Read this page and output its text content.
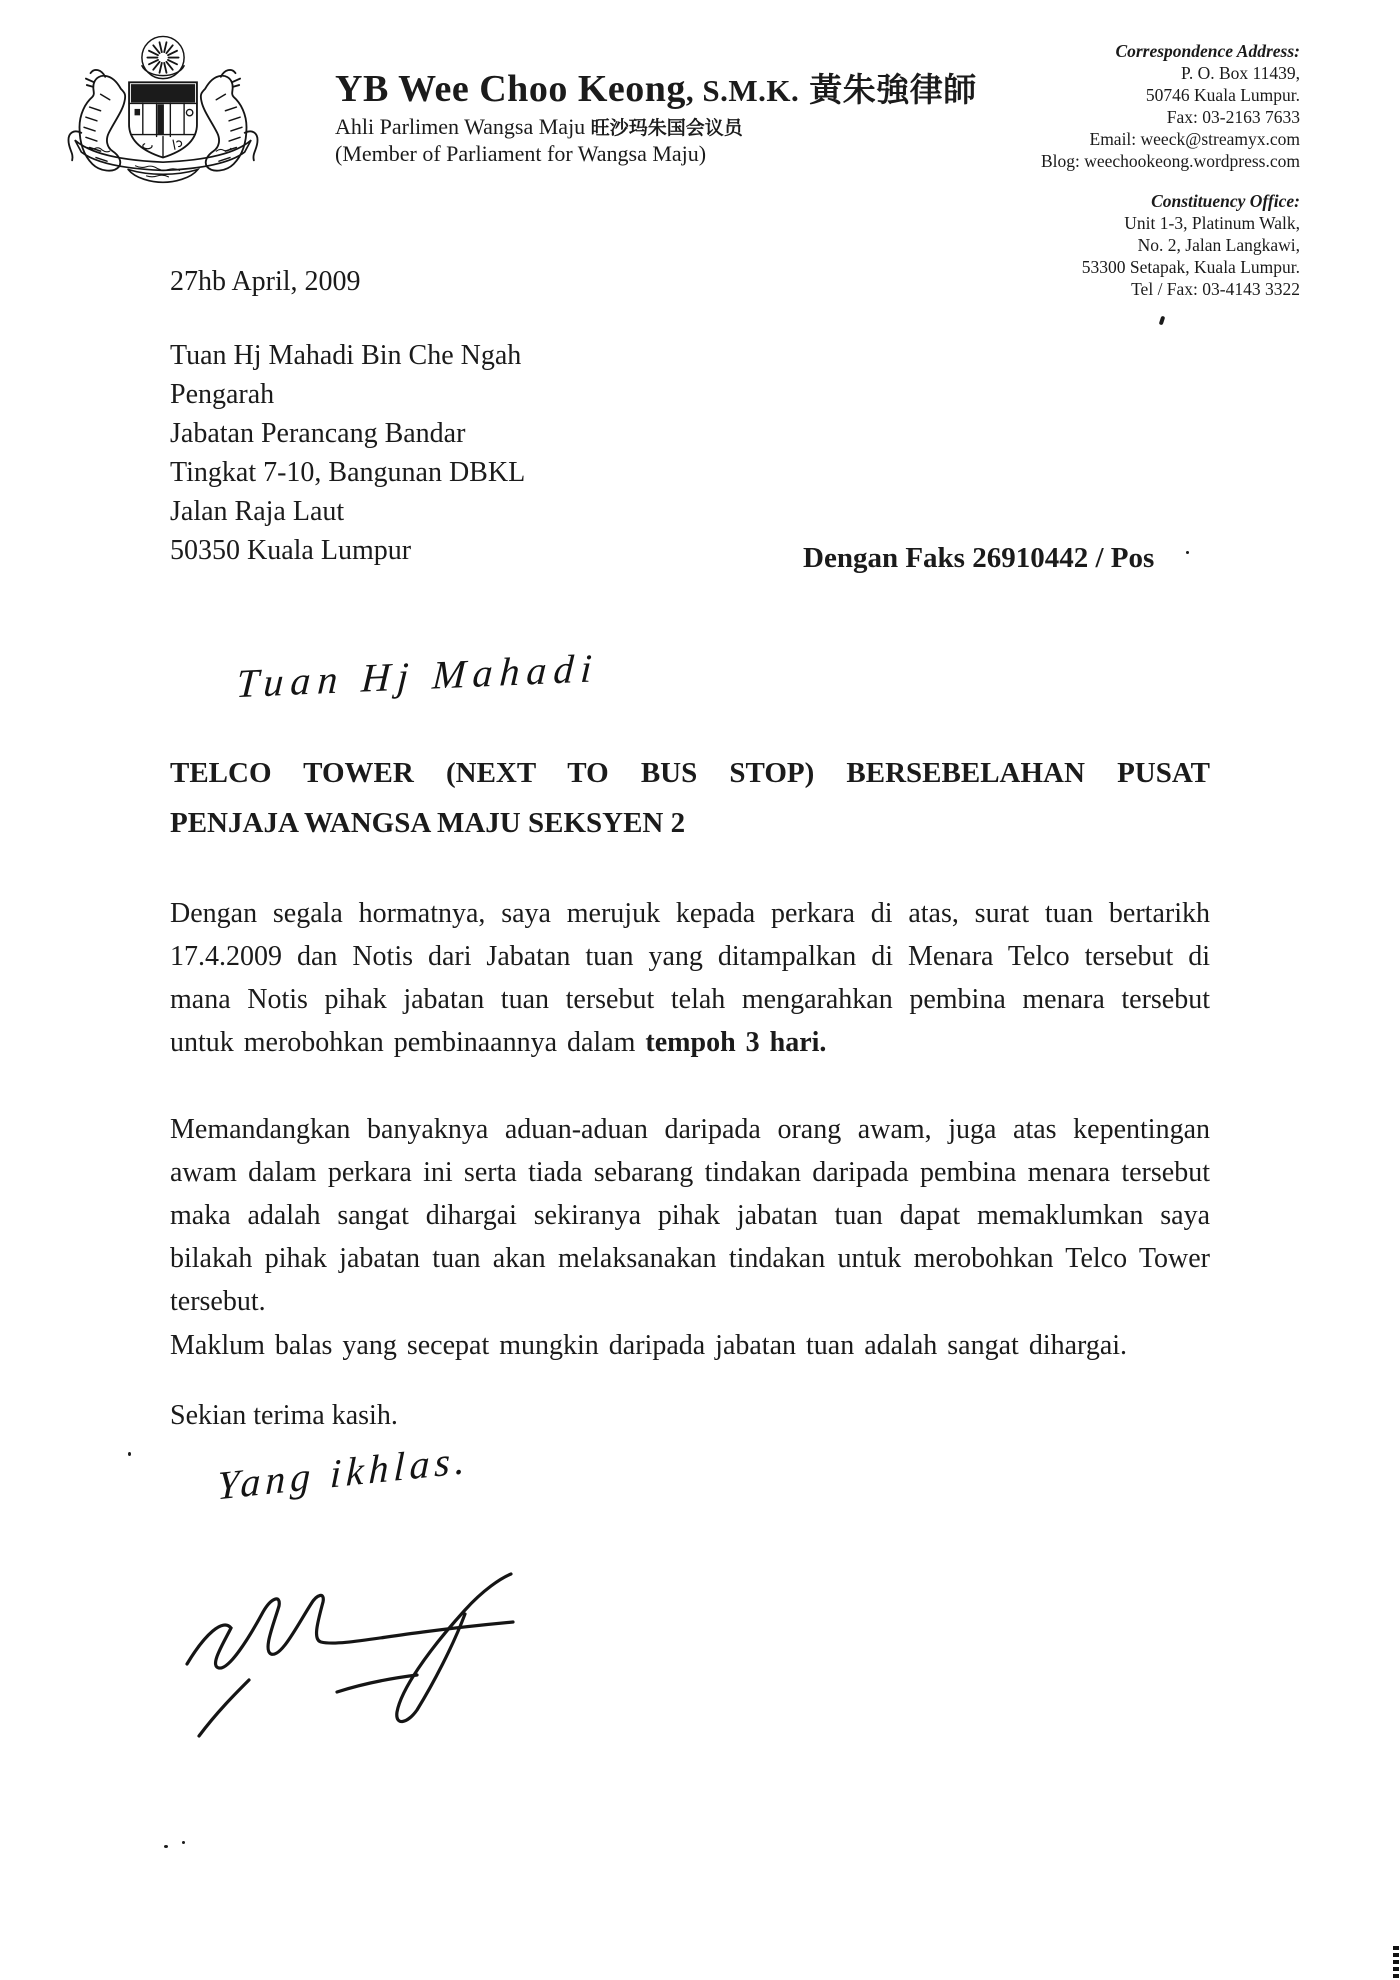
YB Wee Choo Keong, S.M.K. 黃朱強律師
Ahli Parlimen Wangsa Maju 旺沙玛朱国会议员
(Member of Parliament for Wangsa Maju)
Correspondence Address:
P. O. Box 11439,
50746 Kuala Lumpur.
Fax: 03-2163 7633
Email: weeck@streamyx.com
Blog: weechookeong.wordpress.com
Constituency Office:
Unit 1-3, Platinum Walk,
No. 2, Jalan Langkawi,
53300 Setapak, Kuala Lumpur.
Tel / Fax: 03-4143 3322
27hb April, 2009
Tuan Hj Mahadi Bin Che Ngah
Pengarah
Jabatan Perancang Bandar
Tingkat 7-10, Bangunan DBKL
Jalan Raja Laut
50350 Kuala Lumpur	Dengan Faks 26910442 / Pos
Tuan Hj Mahadi
TELCO TOWER (NEXT TO BUS STOP) BERSEBELAHAN PUSAT
PENJAJA WANGSA MAJU SEKSYEN 2

Dengan segala hormatnya, saya merujuk kepada perkara di atas, surat tuan bertarikh 17.4.2009 dan Notis dari Jabatan tuan yang ditampalkan di Menara Telco tersebut di mana Notis pihak jabatan tuan tersebut telah mengarahkan pembina menara tersebut untuk merobohkan pembinaannya dalam tempoh 3 hari.

Memandangkan banyaknya aduan-aduan daripada orang awam, juga atas kepentingan awam dalam perkara ini serta tiada sebarang tindakan daripada pembina menara tersebut maka adalah sangat dihargai sekiranya pihak jabatan tuan dapat memaklumkan saya bilakah pihak jabatan tuan akan melaksanakan tindakan untuk merobohkan Telco Tower tersebut.

Maklum balas yang secepat mungkin daripada jabatan tuan adalah sangat dihargai.

Sekian terima kasih.
Yang ikhlas.
